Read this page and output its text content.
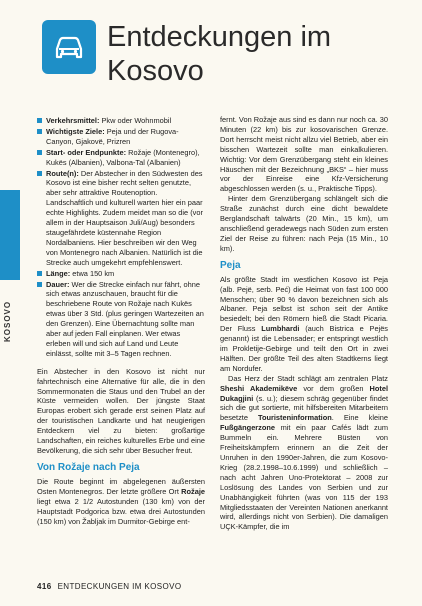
Entdeckungen im Kosovo
KOSOVO
Verkehrsmittel: Pkw oder Wohnmobil
Wichtigste Ziele: Peja und der Rugova-Canyon, Gjakovë, Prizren
Start- oder Endpunkte: Rožaje (Montenegro), Kukës (Albanien), Valbona-Tal (Albanien)
Route(n): Der Abstecher in den Südwesten des Kosovo ist eine bisher recht selten genutzte, aber sehr attraktive Routenoption. Landschaftlich und kulturell warten hier ein paar echte Highlights. Zudem meidet man so die (vor allem in der Hauptsaison Juli/Aug) besonders staugefährdete küstennahe Region Nordalbaniens. Hier beschreiben wir den Weg von Montenegro nach Albanien. Natürlich ist die Strecke auch umgekehrt empfehlenswert.
Länge: etwa 150 km
Dauer: Wer die Strecke einfach nur fährt, ohne sich etwas anzuschauen, braucht für die beschriebene Route von Rožaje nach Kukës etwas über 3 Std. (plus geringen Wartezeiten an den Grenzen). Eine Übernachtung sollte man aber auf jeden Fall einplanen. Wer etwas erleben will und sich auf Land und Leute einlässt, sollte mit 3–5 Tagen rechnen.

Ein Abstecher in den Kosovo ist nicht nur fahrtechnisch eine Alternative für alle, die in den Sommermonaten die Staus und den Trubel an der Küste vermeiden wollen. Der jüngste Staat Europas erobert sich gerade erst seinen Platz auf der touristischen Landkarte und hat neugierigen Entdeckern viel zu bieten: großartige Landschaften, ein reiches kulturelles Erbe und eine Bevölkerung, die sich sehr über Besucher freut.

Von Rožaje nach Peja

Die Route beginnt im abgelegenen äußersten Osten Montenegros. Der letzte größere Ort Rožaje liegt etwa 2 1/2 Autostunden (130 km) von der Hauptstadt Podgorica bzw. etwa drei Autostunden (150 km) von Žabljak im Durmitor-Gebirge ent-

fernt. Von Rožaje aus sind es dann nur noch ca. 30 Minuten (22 km) bis zur kosovarischen Grenze. Dort herrscht meist nicht allzu viel Betrieb, aber ein bisschen Wartezeit sollte man einkalkulieren. Wichtig: Vor dem Grenzübergang steht ein kleines Häuschen mit der Bezeichnung „BKS“ – hier muss vor der Einreise eine Kfz-Versicherung abgeschlossen werden (s. u., Praktische Tipps).

Hinter dem Grenzübergang schlängelt sich die Straße zunächst durch eine dicht bewaldete Berglandschaft talwärts (20 Min., 15 km), um anschließend geradewegs nach Süden zum ersten Ziel der Reise zu führen: nach Peja (15 Min., 10 km).

Peja

Als größte Stadt im westlichen Kosovo ist Peja (alb. Pejë, serb. Peć) die Heimat von fast 100 000 Menschen; über 90 % davon bezeichnen sich als Albaner. Peja selbst ist schon seit der Antike besiedelt; bei den Römern hieß die Stadt Picaria. Der Fluss Lumbhardi (auch Bistrica e Pejës genannt) ist die Lebensader; er entspringt westlich im Prokletije-Gebirge und teilt den Ort in zwei Hälften. Der größte Teil des alten Stadtkerns liegt am Nordufer.

Das Herz der Stadt schlägt am zentralen Platz Sheshi Akademikëve vor dem großen Hotel Dukagjini (s. u.); diesem schräg gegenüber findet sich die gut sortierte, mit hilfsbereiten Mitarbeitern besetzte Touristeninformation. Eine kleine Fußgängerzone mit ein paar Cafés lädt zum Bummeln ein. Mehrere Büsten von Freiheitskämpfern erinnern an die Zeit der Unruhen in den 1990er-Jahren, die zum Kosovo-Krieg (28.2.1998–10.6.1999) und schließlich – nach acht Jahren Uno-Protektorat – 2008 zur Loslösung des Landes von Serbien und zur Unabhängigkeit führten (was von 115 der 193 Mitgliedsstaaten der Vereinten Nationen anerkannt wird, allerdings nicht von Serbien). Die damaligen UÇK-Kämpfer, die im

416 ENTDECKUNGEN IM KOSOVO
